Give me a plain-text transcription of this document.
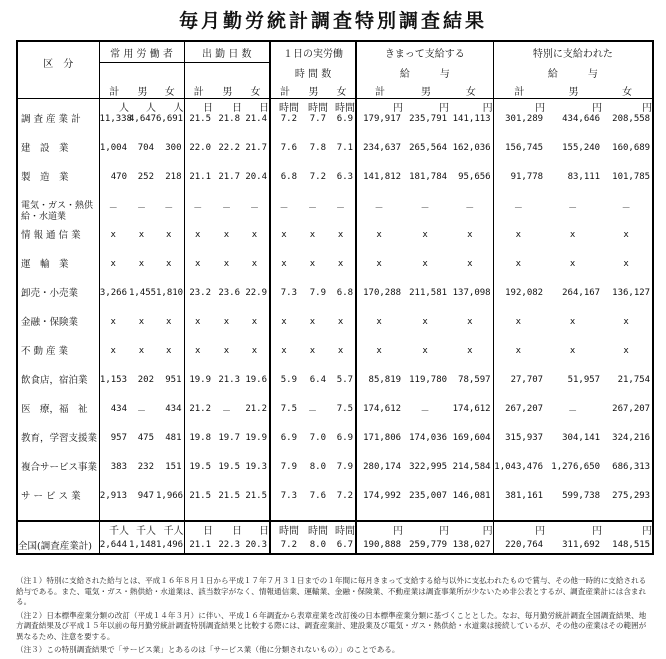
毎月勤労統計調査特別調査結果
区　分	常 用 労 働 者			出 勤 日 数			１日の実労働			きまって支給する			特別に支給われた		
							時 間 数			給　　　与			給　　　与		
	計	男	女	計	男	女	計	男	女	計	男	女	計	男	女
	人	人	人	日	日	日	時間	時間	時間	円	円	円	円	円	円
調 査 産 業 計	11,338	4,647	6,691	21.5	21.8	21.4	7.2	7.7	6.9	179,917	235,791	141,113	301,289	434,646	208,558
建　設　業	1,004	704	300	22.0	22.2	21.7	7.6	7.8	7.1	234,637	265,564	162,036	156,745	155,240	160,689
製　造　業	470	252	218	21.1	21.7	20.4	6.8	7.2	6.3	141,812	181,784	95,656	91,778	83,111	101,785
電気・ガス・熱供給・水道業	－	－	－	－	－	－	－	－	－	－	－	－	－	－	－
情 報 通 信 業	x	x	x	x	x	x	x	x	x	x	x	x	x	x	x
運　輸　業	x	x	x	x	x	x	x	x	x	x	x	x	x	x	x
卸売・小売業	3,266	1,455	1,810	23.2	23.6	22.9	7.3	7.9	6.8	170,288	211,581	137,098	192,082	264,167	136,127
金融・保険業	x	x	x	x	x	x	x	x	x	x	x	x	x	x	x
不 動 産 業	x	x	x	x	x	x	x	x	x	x	x	x	x	x	x
飲食店，宿泊業	1,153	202	951	19.9	21.3	19.6	5.9	6.4	5.7	85,819	119,780	78,597	27,707	51,957	21,754
医　療，福　祉	434	－	434	21.2	－	21.2	7.5	－	7.5	174,612	－	174,612	267,207	－	267,207
教育，学習支援業	957	475	481	19.8	19.7	19.9	6.9	7.0	6.9	171,806	174,036	169,604	315,937	304,141	324,216
複合サービス事業	383	232	151	19.5	19.5	19.3	7.9	8.0	7.9	280,174	322,995	214,584	1,043,476	1,276,650	686,313
サ ー ビ ス 業	2,913	947	1,966	21.5	21.5	21.5	7.3	7.6	7.2	174,992	235,007	146,081	381,161	599,738	275,293
	千人	千人	千人	日	日	日	時間	時間	時間	円	円	円	円	円	円
全国(調査産業計)	2,644	1,148	1,496	21.1	22.3	20.3	7.2	8.0	6.7	190,888	259,779	138,027	220,764	311,692	148,515

（注１）特別に支給された給与とは、平成１６年８月１日から平成１７年７月３１日までの１年間に毎月きまって支給する給与以外に支払われたもので賞与、その他一時的に支給される給与である。また、電気・ガス・熱供給・水道業は、該当数字がなく、情報通信業、運輸業、金融・保険業、不動産業は調査事業所が少ないため非公表とするが、調査産業計には含まれる。

（注２）日本標準産業分類の改訂（平成１４年３月）に伴い、平成１６年調査から表章産業を改訂後の日本標準産業分類に基づくこととした。なお、毎月勤労統計調査全国調査結果、地方調査結果及び平成１５年以前の毎月勤労統計調査特別調査結果と比較する際には、調査産業計、建設業及び電気・ガス・熱供給・水道業は接続しているが、その他の産業はその範囲が異なるため、注意を要する。

（注３）この特別調査結果で「サービス業」とあるのは「サービス業（他に分類されないもの）」のことである。
